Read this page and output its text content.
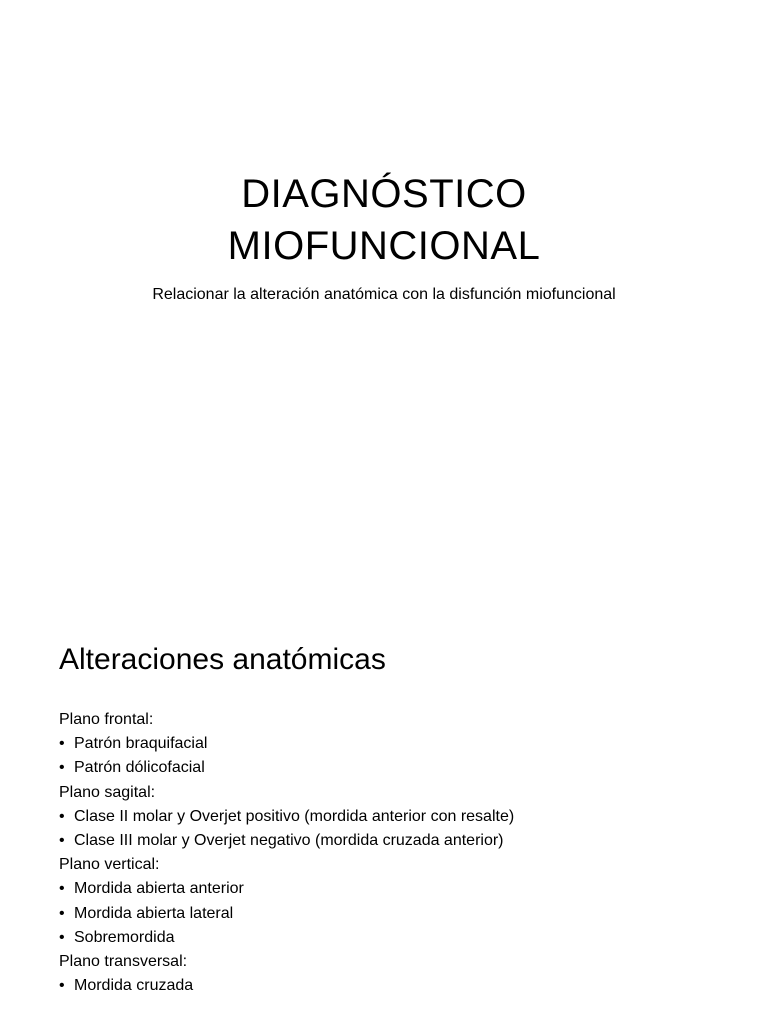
DIAGNÓSTICO
MIOFUNCIONAL
Relacionar la alteración anatómica con la disfunción miofuncional
Alteraciones anatómicas

Plano frontal:

• Patrón braquifacial
• Patrón dólicofacial

Plano sagital:

• Clase II molar y Overjet positivo (mordida anterior con resalte)
• Clase III molar y Overjet negativo (mordida cruzada anterior)

Plano vertical:

• Mordida abierta anterior
• Mordida abierta lateral
• Sobremordida

Plano transversal:

• Mordida cruzada
